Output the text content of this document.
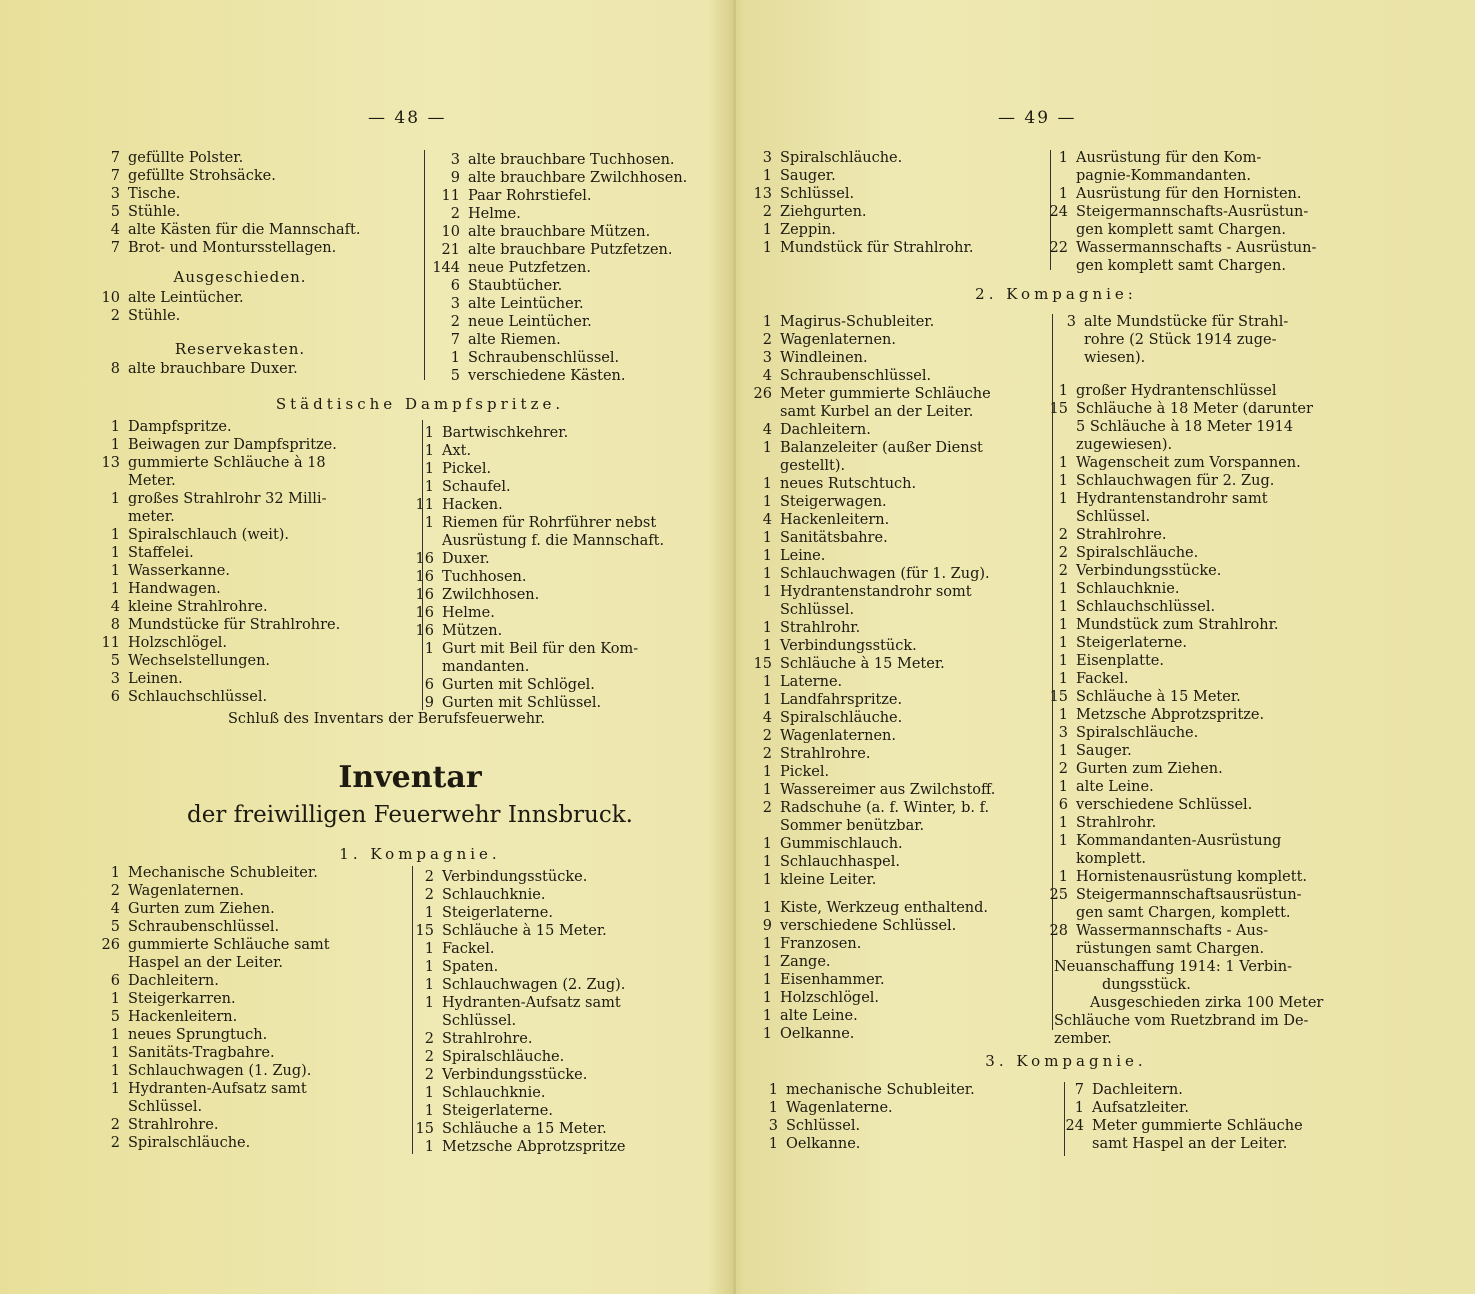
— 48 —
7 gefüllte Polster.
7 gefüllte Strohsäcke.
3 Tische.
5 Stühle.
4 alte Kästen für die Mannschaft.
7 Brot- und Montursstellagen.
Ausgeschieden.
10 alte Leintücher.
2 Stühle.
Reservekasten.
8 alte brauchbare Duxer.
3 alte brauchbare Tuchhosen.
9 alte brauchbare Zwilchhosen.
11 Paar Rohrstiefel.
2 Helme.
10 alte brauchbare Mützen.
21 alte brauchbare Putzfetzen.
144 neue Putzfetzen.
6 Staubtücher.
3 alte Leintücher.
2 neue Leintücher.
7 alte Riemen.
1 Schraubenschlüssel.
5 verschiedene Kästen.
Städtische Dampfspritze.
1 Dampfspritze.
1 Beiwagen zur Dampfspritze.
13 gummierte Schläuche à 18
Meter.
1 großes Strahlrohr 32 Milli-
meter.
1 Spiralschlauch (weit).
1 Staffelei.
1 Wasserkanne.
1 Handwagen.
4 kleine Strahlrohre.
8 Mundstücke für Strahlrohre.
11 Holzschlögel.
5 Wechselstellungen.
3 Leinen.
6 Schlauchschlüssel.
1 Bartwischkehrer.
1 Axt.
1 Pickel.
1 Schaufel.
11 Hacken.
1 Riemen für Rohrführer nebst
Ausrüstung f. die Mannschaft.
16 Duxer.
16 Tuchhosen.
16 Zwilchhosen.
16 Helme.
16 Mützen.
1 Gurt mit Beil für den Kom-
mandanten.
6 Gurten mit Schlögel.
9 Gurten mit Schlüssel.
Schluß des Inventars der Berufsfeuerwehr.
Inventar
der freiwilligen Feuerwehr Innsbruck.
1. Kompagnie.
1 Mechanische Schubleiter.
2 Wagenlaternen.
4 Gurten zum Ziehen.
5 Schraubenschlüssel.
26 gummierte Schläuche samt
Haspel an der Leiter.
6 Dachleitern.
1 Steigerkarren.
5 Hackenleitern.
1 neues Sprungtuch.
1 Sanitäts-Tragbahre.
1 Schlauchwagen (1. Zug).
1 Hydranten-Aufsatz samt
Schlüssel.
2 Strahlrohre.
2 Spiralschläuche.
2 Verbindungsstücke.
2 Schlauchknie.
1 Steigerlaterne.
15 Schläuche à 15 Meter.
1 Fackel.
1 Spaten.
1 Schlauchwagen (2. Zug).
1 Hydranten-Aufsatz samt
Schlüssel.
2 Strahlrohre.
2 Spiralschläuche.
2 Verbindungsstücke.
1 Schlauchknie.
1 Steigerlaterne.
15 Schläuche a 15 Meter.
1 Metzsche Abprotzspritze
— 49 —
3 Spiralschläuche.
1 Sauger.
13 Schlüssel.
2 Ziehgurten.
1 Zeppin.
1 Mundstück für Strahlrohr.
1 Ausrüstung für den Kom-
pagnie-Kommandanten.
1 Ausrüstung für den Hornisten.
24 Steigermannschafts-Ausrüstun-
gen komplett samt Chargen.
22 Wassermannschafts - Ausrüstun-
gen komplett samt Chargen.
2. Kompagnie:
1 Magirus-Schubleiter.
2 Wagenlaternen.
3 Windleinen.
4 Schraubenschlüssel.
26 Meter gummierte Schläuche
samt Kurbel an der Leiter.
4 Dachleitern.
1 Balanzeleiter (außer Dienst
gestellt).
1 neues Rutschtuch.
1 Steigerwagen.
4 Hackenleitern.
1 Sanitätsbahre.
1 Leine.
1 Schlauchwagen (für 1. Zug).
1 Hydrantenstandrohr somt
Schlüssel.
1 Strahlrohr.
1 Verbindungsstück.
15 Schläuche à 15 Meter.
1 Laterne.
1 Landfahrspritze.
4 Spiralschläuche.
2 Wagenlaternen.
2 Strahlrohre.
1 Pickel.
1 Wassereimer aus Zwilchstoff.
2 Radschuhe (a. f. Winter, b. f.
Sommer benützbar.
1 Gummischlauch.
1 Schlauchhaspel.
1 kleine Leiter.
1 Kiste, Werkzeug enthaltend.
9 verschiedene Schlüssel.
1 Franzosen.
1 Zange.
1 Eisenhammer.
1 Holzschlögel.
1 alte Leine.
1 Oelkanne.
3 alte Mundstücke für Strahl-
rohre (2 Stück 1914 zuge-
wiesen).
1 großer Hydrantenschlüssel
15 Schläuche à 18 Meter (darunter
5 Schläuche à 18 Meter 1914
zugewiesen).
1 Wagenscheit zum Vorspannen.
1 Schlauchwagen für 2. Zug.
1 Hydrantenstandrohr samt
Schlüssel.
2 Strahlrohre.
2 Spiralschläuche.
2 Verbindungsstücke.
1 Schlauchknie.
1 Schlauchschlüssel.
1 Mundstück zum Strahlrohr.
1 Steigerlaterne.
1 Eisenplatte.
1 Fackel.
15 Schläuche à 15 Meter.
1 Metzsche Abprotzspritze.
3 Spiralschläuche.
1 Sauger.
2 Gurten zum Ziehen.
1 alte Leine.
6 verschiedene Schlüssel.
1 Strahlrohr.
1 Kommandanten-Ausrüstung
komplett.
1 Hornistenausrüstung komplett.
25 Steigermannschaftsausrüstun-
gen samt Chargen, komplett.
28 Wassermannschafts - Aus-
rüstungen samt Chargen.
Neuanschaffung 1914: 1 Verbin-
dungsstück.
Ausgeschieden zirka 100 Meter
Schläuche vom Ruetzbrand im De-
zember.
3. Kompagnie.
1 mechanische Schubleiter.
1 Wagenlaterne.
3 Schlüssel.
1 Oelkanne.
7 Dachleitern.
1 Aufsatzleiter.
24 Meter gummierte Schläuche
samt Haspel an der Leiter.
